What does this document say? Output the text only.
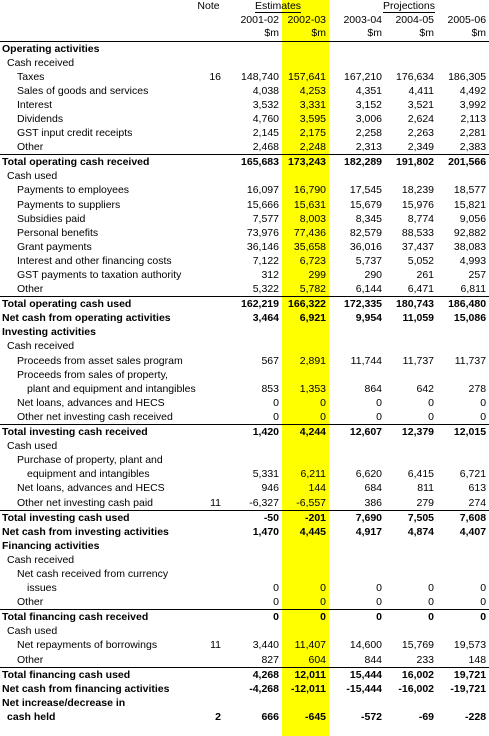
	Note	Estimates		Projections		
		2001-02	2002-03	2003-04	2004-05	2005-06
		$m	$m	$m	$m	$m
Operating activities						
Cash received						
Taxes	16	148,740	157,641	167,210	176,634	186,305
Sales of goods and services		4,038	4,253	4,351	4,411	4,492
Interest		3,532	3,331	3,152	3,521	3,992
Dividends		4,760	3,595	3,006	2,624	2,113
GST input credit receipts		2,145	2,175	2,258	2,263	2,281
Other		2,468	2,248	2,313	2,349	2,383
Total operating cash received		165,683	173,243	182,289	191,802	201,566
Cash used						
Payments to employees		16,097	16,790	17,545	18,239	18,577
Payments to suppliers		15,666	15,631	15,679	15,976	15,821
Subsidies paid		7,577	8,003	8,345	8,774	9,056
Personal benefits		73,976	77,436	82,579	88,533	92,882
Grant payments		36,146	35,658	36,016	37,437	38,083
Interest and other financing costs		7,122	6,723	5,737	5,052	4,993
GST payments to taxation authority		312	299	290	261	257
Other		5,322	5,782	6,144	6,471	6,811
Total operating cash used		162,219	166,322	172,335	180,743	186,480
Net cash from operating activities		3,464	6,921	9,954	11,059	15,086
Investing activities						
Cash received						
Proceeds from asset sales program		567	2,891	11,744	11,737	11,737
Proceeds from sales of property,						
plant and equipment and intangibles		853	1,353	864	642	278
Net loans, advances and HECS		0	0	0	0	0
Other net investing cash received		0	0	0	0	0
Total investing cash received		1,420	4,244	12,607	12,379	12,015
Cash used						
Purchase of property, plant and						
equipment and intangibles		5,331	6,211	6,620	6,415	6,721
Net loans, advances and HECS		946	144	684	811	613
Other net investing cash paid	11	-6,327	-6,557	386	279	274
Total investing cash used		-50	-201	7,690	7,505	7,608
Net cash from investing activities		1,470	4,445	4,917	4,874	4,407
Financing activities						
Cash received						
Net cash received from currency						
issues		0	0	0	0	0
Other		0	0	0	0	0
Total financing cash received		0	0	0	0	0
Cash used						
Net repayments of borrowings	11	3,440	11,407	14,600	15,769	19,573
Other		827	604	844	233	148
Total financing cash used		4,268	12,011	15,444	16,002	19,721
Net cash from financing activities		-4,268	-12,011	-15,444	-16,002	-19,721
Net increase/decrease in						
cash held	2	666	-645	-572	-69	-228
